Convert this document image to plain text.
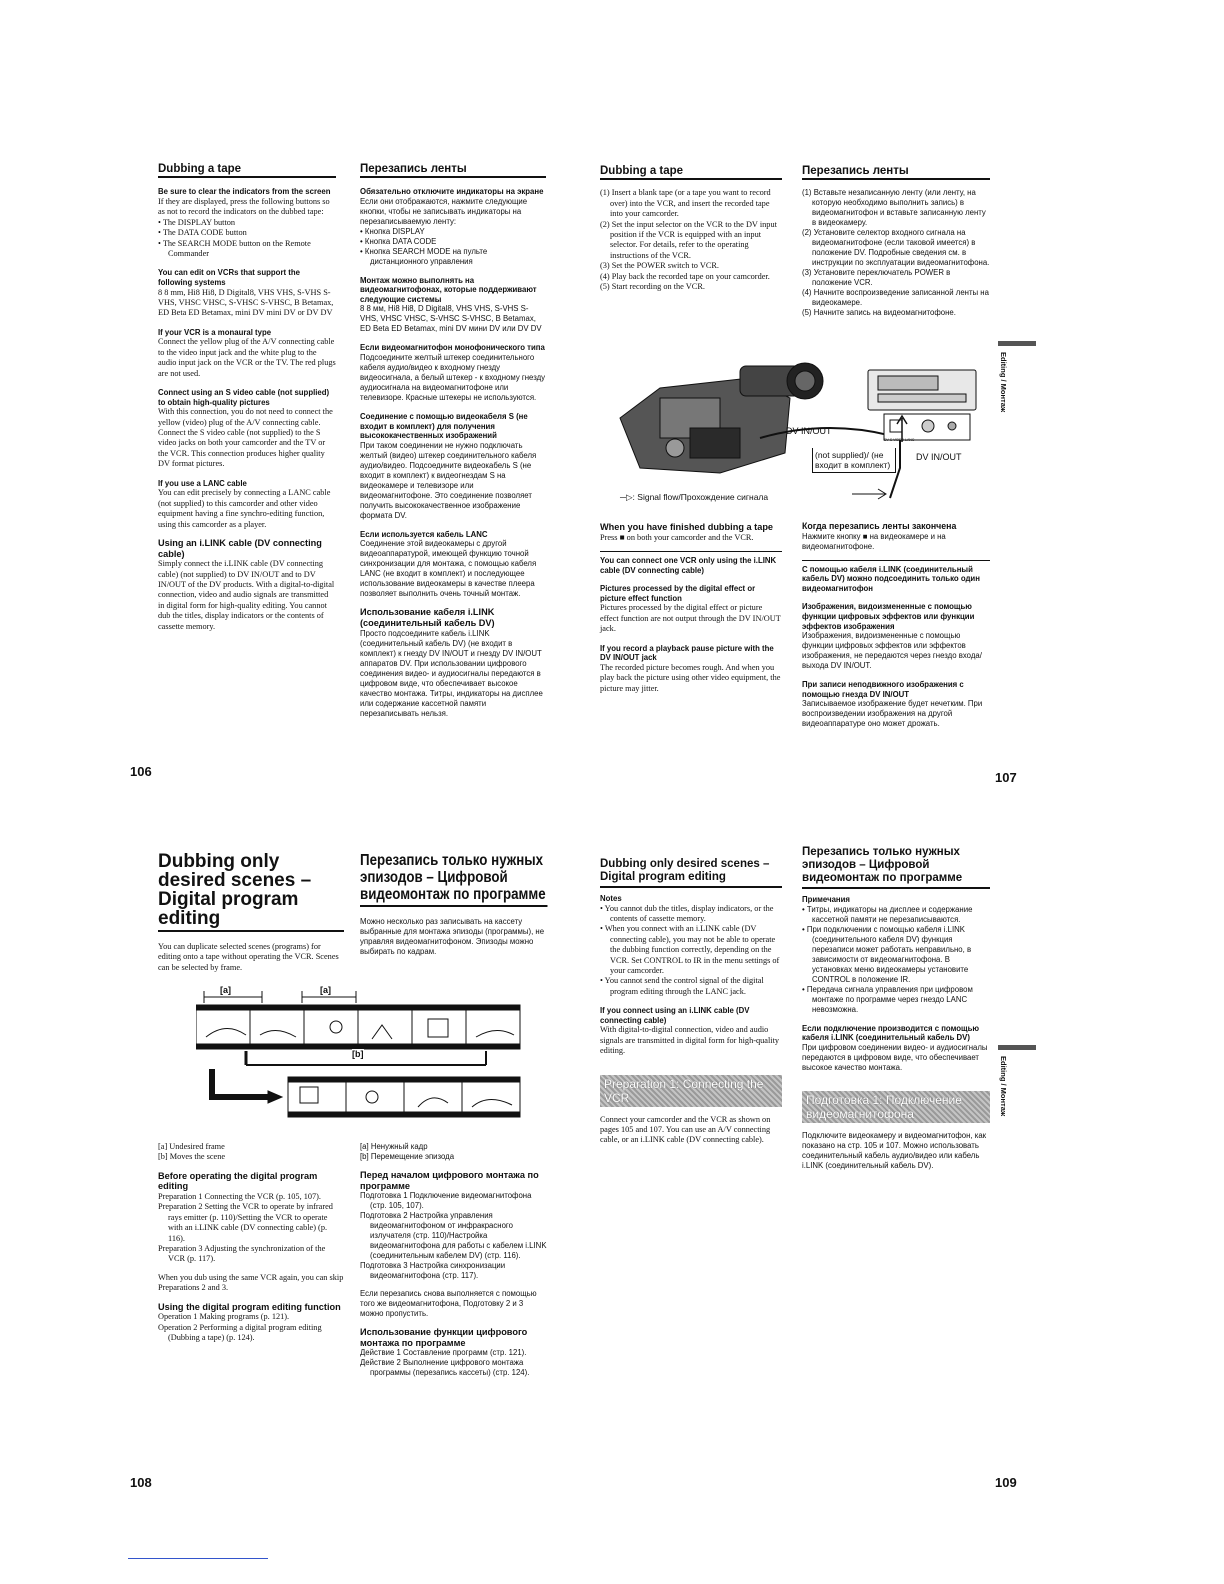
Dubbing a tape
Be sure to clear the indicators from the screen

If they are displayed, press the following buttons so as not to record the indicators on the dubbed tape:

• The DISPLAY button

• The DATA CODE button

• The SEARCH MODE button on the Remote Commander

You can edit on VCRs that support the following systems

8 8 mm, Hi8 Hi8, D Digital8, VHS VHS, S-VHS S-VHS, VHSC VHSC, S-VHSC S-VHSC, B Betamax, ED Beta ED Betamax, mini DV mini DV or DV DV

If your VCR is a monaural type

Connect the yellow plug of the A/V connecting cable to the video input jack and the white plug to the audio input jack on the VCR or the TV. The red plugs are not used.

Connect using an S video cable (not supplied) to obtain high-quality pictures

With this connection, you do not need to connect the yellow (video) plug of the A/V connecting cable. Connect the S video cable (not supplied) to the S video jacks on both your camcorder and the TV or the VCR. This connection produces higher quality DV format pictures.

If you use a LANC cable

You can edit precisely by connecting a LANC cable (not supplied) to this camcorder and other video equipment having a fine synchro-editing function, using this camcorder as a player.

Using an i.LINK cable (DV connecting cable)

Simply connect the i.LINK cable (DV connecting cable) (not supplied) to DV IN/OUT and to DV IN/OUT of the DV products. With a digital-to-digital connection, video and audio signals are transmitted in digital form for high-quality editing. You cannot dub the titles, display indicators or the contents of cassette memory.

Перезапись ленты
Обязательно отключите индикаторы на экране

Если они отображаются, нажмите следующие кнопки, чтобы не записывать индикаторы на перезаписываемую ленту:

• Кнопка DISPLAY

• Кнопка DATA CODE

• Кнопка SEARCH MODE на пульте дистанционного управления

Монтаж можно выполнять на видеомагнитофонах, которые поддерживают следующие системы

8 8 мм, Hi8 Hi8, D Digital8, VHS VHS, S-VHS S-VHS, VHSC VHSC, S-VHSC S-VHSC, B Betamax, ED Beta ED Betamax, mini DV мини DV или DV DV

Если видеомагнитофон монофонического типа

Подсоедините желтый штекер соединительного кабеля аудио/видео к входному гнезду видеосигнала, а белый штекер - к входному гнезду аудиосигнала на видеомагнитофоне или телевизоре. Красные штекеры не используются.

Соединение с помощью видеокабеля S (не входит в комплект) для получения высококачественных изображений

При таком соединении не нужно подключать желтый (видео) штекер соединительного кабеля аудио/видео. Подсоедините видеокабель S (не входит в комплект) к видеогнездам S на видеокамере и телевизоре или видеомагнитофоне. Это соединение позволяет получить высококачественное изображение формата DV.

Если используется кабель LANC

Соединение этой видеокамеры с другой видеоаппаратурой, имеющей функцию точной синхронизации для монтажа, с помощью кабеля LANC (не входит в комплект) и последующее использование видеокамеры в качестве плеера позволяет выполнить очень точный монтаж.

Использование кабеля i.LINK (соединительный кабель DV)

Просто подсоедините кабель i.LINK (соединительный кабель DV) (не входит в комплект) к гнезду DV IN/OUT и гнезду DV IN/OUT аппаратов DV. При использовании цифрового соединения видео- и аудиосигналы передаются в цифровом виде, что обеспечивает высокое качество монтажа. Титры, индикаторы на дисплее или содержание кассетной памяти перезаписывать нельзя.

106
Dubbing a tape

(1) Insert a blank tape (or a tape you want to record over) into the VCR, and insert the recorded tape into your camcorder.

(2) Set the input selector on the VCR to the DV input position if the VCR is equipped with an input selector. For details, refer to the operating instructions of the VCR.

(3) Set the POWER switch to VCR.

(4) Play back the recorded tape on your camcorder.

(5) Start recording on the VCR.

Перезапись ленты

(1) Вставьте незаписанную ленту (или ленту, на которую необходимо выполнить запись) в видеомагнитофон и вставьте записанную ленту в видеокамеру.

(2) Установите селектор входного сигнала на видеомагнитофоне (если таковой имеется) в положение DV. Подробные сведения см. в инструкции по эксплуатации видеомагнитофона.

(3) Установите переключатель POWER в положение VCR.

(4) Начните воспроизведение записанной ленты на видеокамере.

(5) Начните запись на видеомагнитофоне.

Editing / Монтаж
DV IN/OUT
DV IN/OUT
DV S VIDEO LANC
(not supplied)/ (не входит в комплект)
─▷: Signal flow/Прохождение сигнала
When you have finished dubbing a tape

Press ■ on both your camcorder and the VCR.

You can connect one VCR only using the i.LINK cable (DV connecting cable)
Pictures processed by the digital effect or picture effect function

Pictures processed by the digital effect or picture effect function are not output through the DV IN/OUT jack.

If you record a playback pause picture with the DV IN/OUT jack

The recorded picture becomes rough. And when you play back the picture using other video equipment, the picture may jitter.

Когда перезапись ленты закончена

Нажмите кнопку ■ на видеокамере и на видеомагнитофоне.

С помощью кабеля i.LINK (соединительный кабель DV) можно подсоединить только один видеомагнитофон
Изображения, видоизмененные с помощью функции цифровых эффектов или функции эффектов изображения

Изображения, видоизмененные с помощью функции цифровых эффектов или эффектов изображения, не передаются через гнездо входа/выхода DV IN/OUT.

При записи неподвижного изображения с помощью гнезда DV IN/OUT

Записываемое изображение будет нечетким. При воспроизведении изображения на другой видеоаппаратуре оно может дрожать.

107
Dubbing only desired scenes – Digital program editing

You can duplicate selected scenes (programs) for editing onto a tape without operating the VCR. Scenes can be selected by frame.

Перезапись только нужных эпизодов – Цифровой видеомонтаж по программе

Можно несколько раз записывать на кассету выбранные для монтажа эпизоды (программы), не управляя видеомагнитофоном. Эпизоды можно выбирать по кадрам.

[a]	[a]
[b]

[a] Undesired frame

[b] Moves the scene

Before operating the digital program editing

Preparation 1 Connecting the VCR (p. 105, 107).

Preparation 2 Setting the VCR to operate by infrared rays emitter (p. 110)/Setting the VCR to operate with an i.LINK cable (DV connecting cable) (p. 116).

Preparation 3 Adjusting the synchronization of the VCR (p. 117).

When you dub using the same VCR again, you can skip Preparations 2 and 3.

Using the digital program editing function

Operation 1 Making programs (p. 121).

Operation 2 Performing a digital program editing (Dubbing a tape) (p. 124).

[a] Ненужный кадр

[b] Перемещение эпизода

Перед началом цифрового монтажа по программе

Подготовка 1 Подключение видеомагнитофона (стр. 105, 107).

Подготовка 2 Настройка управления видеомагнитофоном от инфракрасного излучателя (стр. 110)/Настройка видеомагнитофона для работы с кабелем i.LINK (соединительным кабелем DV) (стр. 116).

Подготовка 3 Настройка синхронизации видеомагнитофона (стр. 117).

Если перезапись снова выполняется с помощью того же видеомагнитофона, Подготовку 2 и 3 можно пропустить.

Использование функции цифрового монтажа по программе

Действие 1 Составление программ (стр. 121).

Действие 2 Выполнение цифрового монтажа программы (перезапись кассеты) (стр. 124).

108
Dubbing only desired scenes – Digital program editing
Notes

• You cannot dub the titles, display indicators, or the contents of cassette memory.

• When you connect with an i.LINK cable (DV connecting cable), you may not be able to operate the dubbing function correctly, depending on the VCR. Set CONTROL to IR in the menu settings of your camcorder.

• You cannot send the control signal of the digital program editing through the LANC jack.

If you connect using an i.LINK cable (DV connecting cable)

With digital-to-digital connection, video and audio signals are transmitted in digital form for high-quality editing.

Preparation 1: Connecting the VCR

Connect your camcorder and the VCR as shown on pages 105 and 107. You can use an A/V connecting cable, or an i.LINK cable (DV connecting cable).

Перезапись только нужных эпизодов – Цифровой видеомонтаж по программе
Примечания

• Титры, индикаторы на дисплее и содержание кассетной памяти не перезаписываются.

• При подключении с помощью кабеля i.LINK (соединительного кабеля DV) функция перезаписи может работать неправильно, в зависимости от видеомагнитофона. В установках меню видеокамеры установите CONTROL в положение IR.

• Передача сигнала управления при цифровом монтаже по программе через гнездо LANC невозможна.

Если подключение производится с помощью кабеля i.LINK (соединительный кабель DV)

При цифровом соединении видео- и аудиосигналы передаются в цифровом виде, что обеспечивает высокое качество монтажа.

Подготовка 1: Подключение видеомагнитофона

Подключите видеокамеру и видеомагнитофон, как показано на стр. 105 и 107. Можно использовать соединительный кабель аудио/видео или кабель i.LINK (соединительный кабель DV).

Editing / Монтаж
109
